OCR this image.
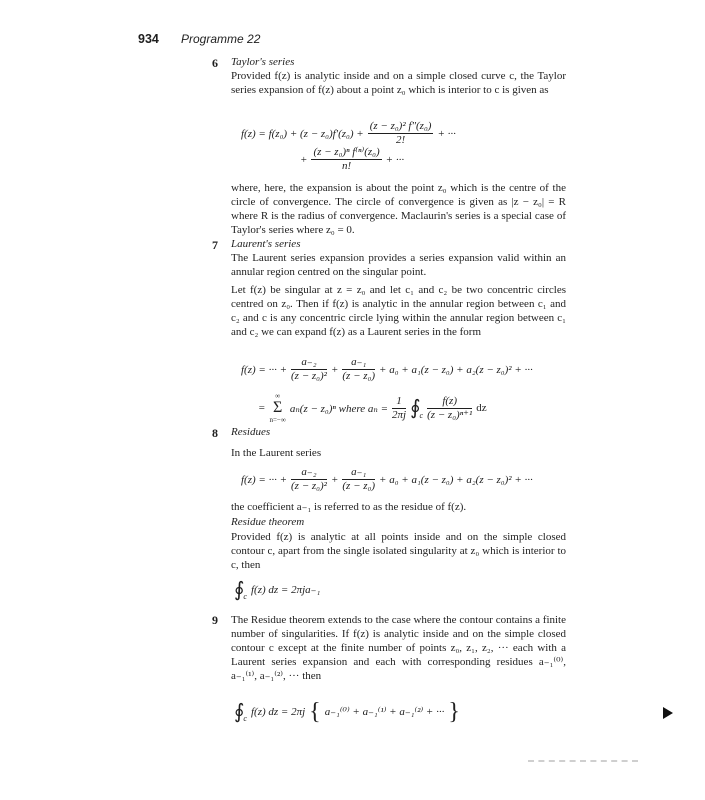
934 Programme 22
6 Taylor's series
Provided f(z) is analytic inside and on a simple closed curve c, the Taylor series expansion of f(z) about a point z₀ which is interior to c is given as
$f(z) = f(z_0) + (z - z_0)f'(z_0) + \frac{\text{(z − z₀)² f″(z₀)}}{2!}$ + ···
+ $\frac{\text{(z − z₀)ⁿ f⁽ⁿ⁾(z₀)}}{n!}$ + ···
where, here, the expansion is about the point z₀ which is the centre of the circle of convergence. The circle of convergence is given as |z − z₀| = R where R is the radius of convergence. Maclaurin's series is a special case of Taylor's series where z₀ = 0.
7 Laurent's series
The Laurent series expansion provides a series expansion valid within an annular region centred on the singular point.
Let f(z) be singular at z = z₀ and let c₁ and c₂ be two concentric circles centred on z₀. Then if f(z) is analytic in the annular region between c₁ and c₂ and c is any concentric circle lying within the annular region between c₁ and c₂ we can expand f(z) as a Laurent series in the form
f(z) = ··· + $\frac{\text{a₋₂}}{\text{(z − z₀)²}} + \frac{\text{a₋₁}}{\text{(z − z₀)}} + a_0 + a_1(z - z_0) + a_2(z - z_0)^2$ + ···
=
∞
Σ
n=−∞
aₙ(z − z₀)ⁿ where $a_n = \frac{1}{2\pi j}$ $∮_c \frac{f(z)}{\text{(z − z₀)ⁿ⁺¹}}$ dz
8 Residues
In the Laurent series
f(z) = ··· + $\frac{\text{a₋₂}}{\text{(z − z₀)²}} + \frac{\text{a₋₁}}{\text{(z − z₀)}} + a_0 + a_1(z - z_0) + a_2(z - z_0)^2$ + ···
the coefficient a₋₁ is referred to as the residue of f(z).
Residue theorem
Provided f(z) is analytic at all points inside and on the simple closed contour c, apart from the single isolated singularity at z₀ which is interior to c, then
$∮_c$
f(z) dz = 2πja₋₁
9 The Residue theorem extends to the case where the contour contains a finite number of singularities. If f(z) is analytic inside and on the simple closed contour c except at the finite number of points z₀, z₁, z₂, ··· each with a Laurent series expansion and each with corresponding residues a₋₁⁽⁰⁾, a₋₁⁽¹⁾, a₋₁⁽²⁾, ··· then
$∮_c$
f(z) dz = 2πj { a₋₁⁽⁰⁾ + a₋₁⁽¹⁾ + a₋₁⁽²⁾ + ··· }
